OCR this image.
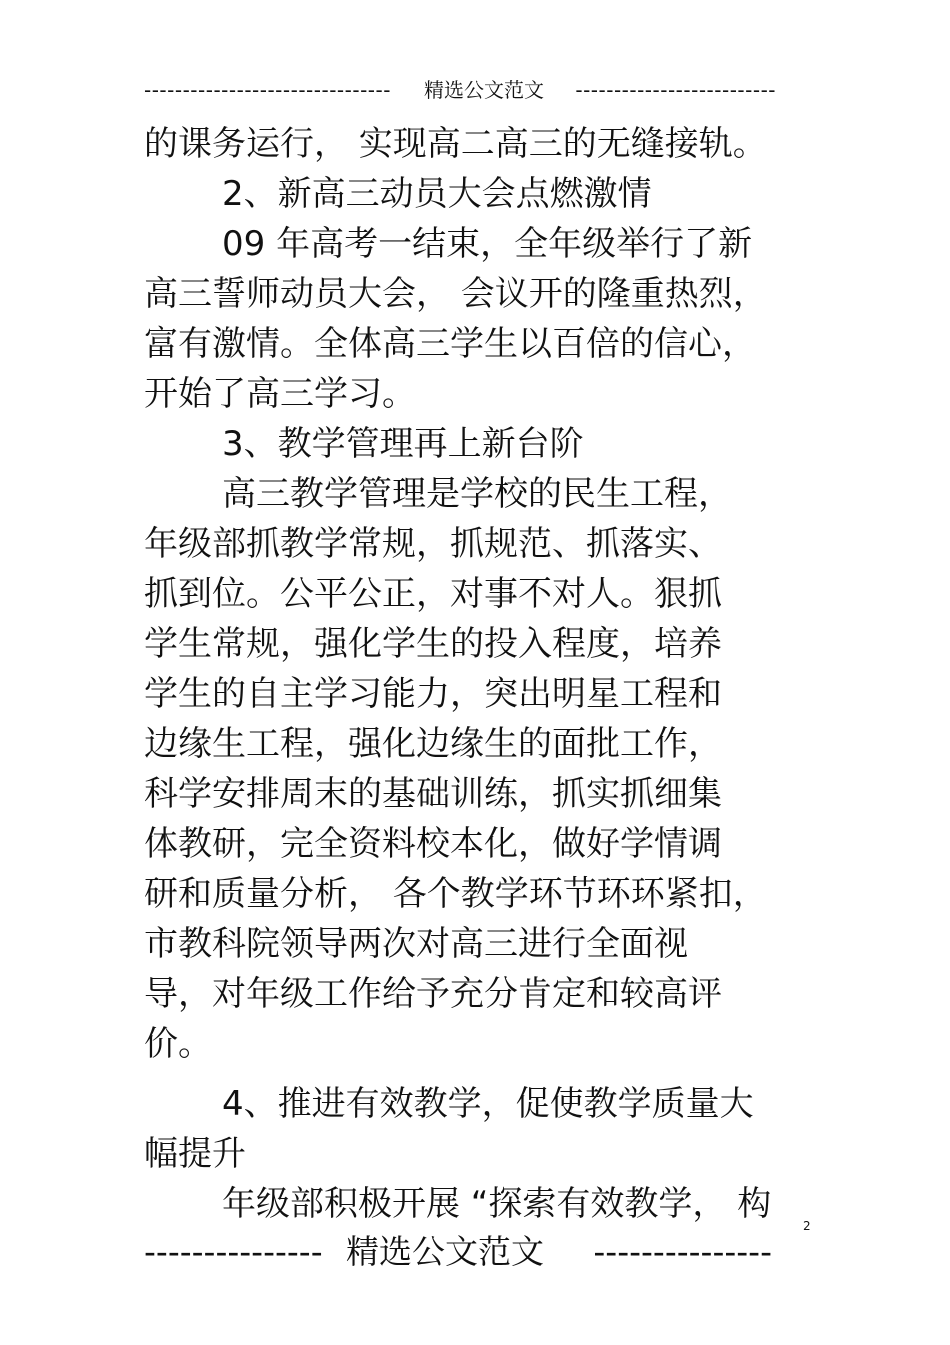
-------------------------------- 精选公文范文 --------------------------
的课务运行， 实现高二高三的无缝接轨。
2、新高三动员大会点燃激情
09 年高考一结束，全年级举行了新
高三誓师动员大会， 会议开的隆重热烈，
富有激情。全体高三学生以百倍的信心，
开始了高三学习。
3、教学管理再上新台阶
高三教学管理是学校的民生工程，
年级部抓教学常规，抓规范、抓落实、
抓到位。公平公正，对事不对人。狠抓
学生常规，强化学生的投入程度，培养
学生的自主学习能力，突出明星工程和
边缘生工程，强化边缘生的面批工作，
科学安排周末的基础训练，抓实抓细集
体教研，完全资料校本化，做好学情调
研和质量分析， 各个教学环节环环紧扣，
市教科院领导两次对高三进行全面视
导，对年级工作给予充分肯定和较高评
价。
4、推进有效教学，促使教学质量大
幅提升
年级部积极开展 “探索有效教学， 构
2
--------------- 精选公文范文 ---------------
